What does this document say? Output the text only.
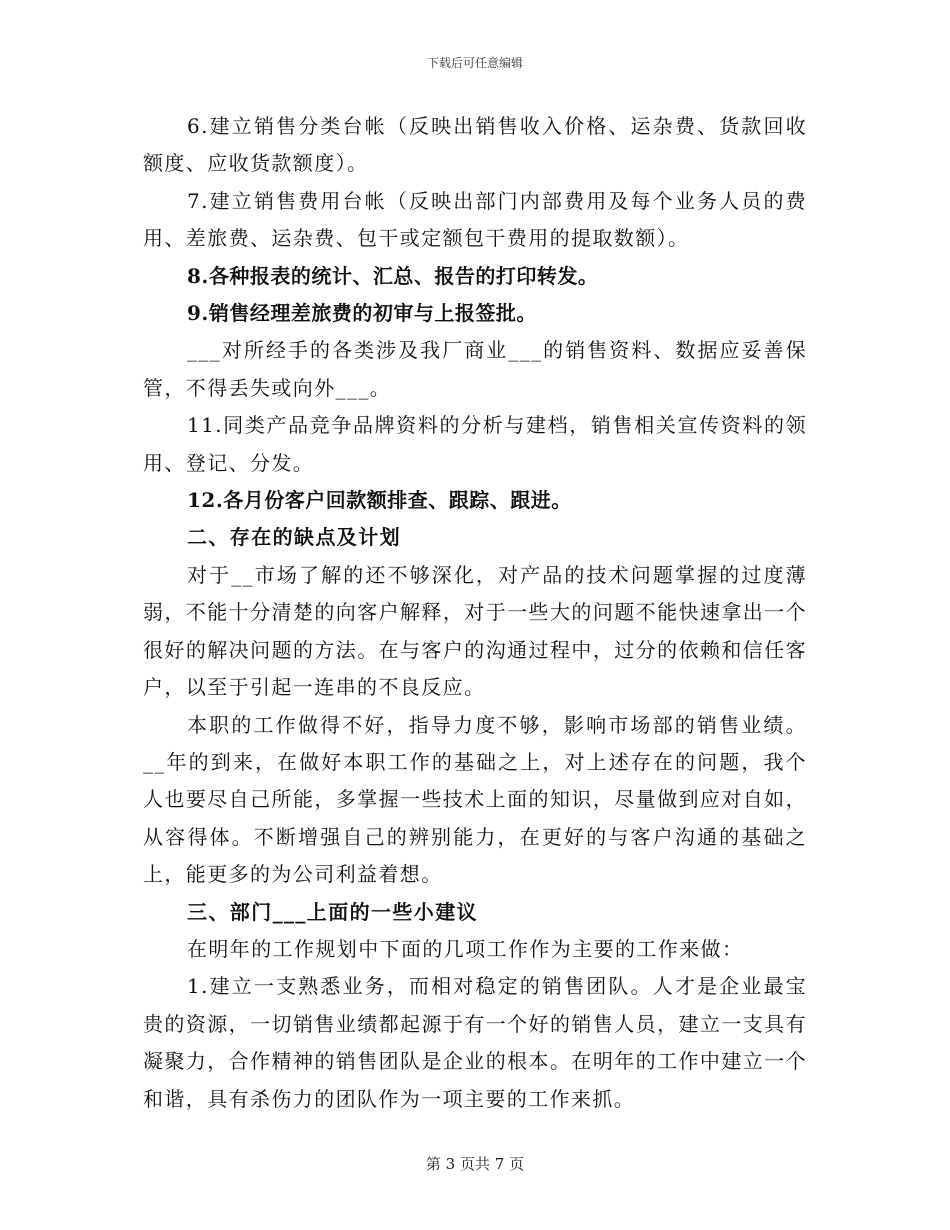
下载后可任意编辑

6.建立销售分类台帐（反映出销售收入价格、运杂费、货款回收额度、应收货款额度）。

7.建立销售费用台帐（反映出部门内部费用及每个业务人员的费用、差旅费、运杂费、包干或定额包干费用的提取数额）。

8.各种报表的统计、汇总、报告的打印转发。

9.销售经理差旅费的初审与上报签批。

___对所经手的各类涉及我厂商业___的销售资料、数据应妥善保管，不得丢失或向外___。

11.同类产品竞争品牌资料的分析与建档，销售相关宣传资料的领用、登记、分发。

12.各月份客户回款额排查、跟踪、跟进。

二、存在的缺点及计划

对于__市场了解的还不够深化，对产品的技术问题掌握的过度薄弱，不能十分清楚的向客户解释，对于一些大的问题不能快速拿出一个很好的解决问题的方法。在与客户的沟通过程中，过分的依赖和信任客户，以至于引起一连串的不良反应。

本职的工作做得不好，指导力度不够，影响市场部的销售业绩。__年的到来，在做好本职工作的基础之上，对上述存在的问题，我个人也要尽自己所能，多掌握一些技术上面的知识，尽量做到应对自如，从容得体。不断增强自己的辨别能力，在更好的与客户沟通的基础之上，能更多的为公司利益着想。

三、部门___上面的一些小建议

在明年的工作规划中下面的几项工作作为主要的工作来做：

1.建立一支熟悉业务，而相对稳定的销售团队。人才是企业最宝贵的资源，一切销售业绩都起源于有一个好的销售人员，建立一支具有凝聚力，合作精神的销售团队是企业的根本。在明年的工作中建立一个和谐，具有杀伤力的团队作为一项主要的工作来抓。

第 3 页共 7 页
